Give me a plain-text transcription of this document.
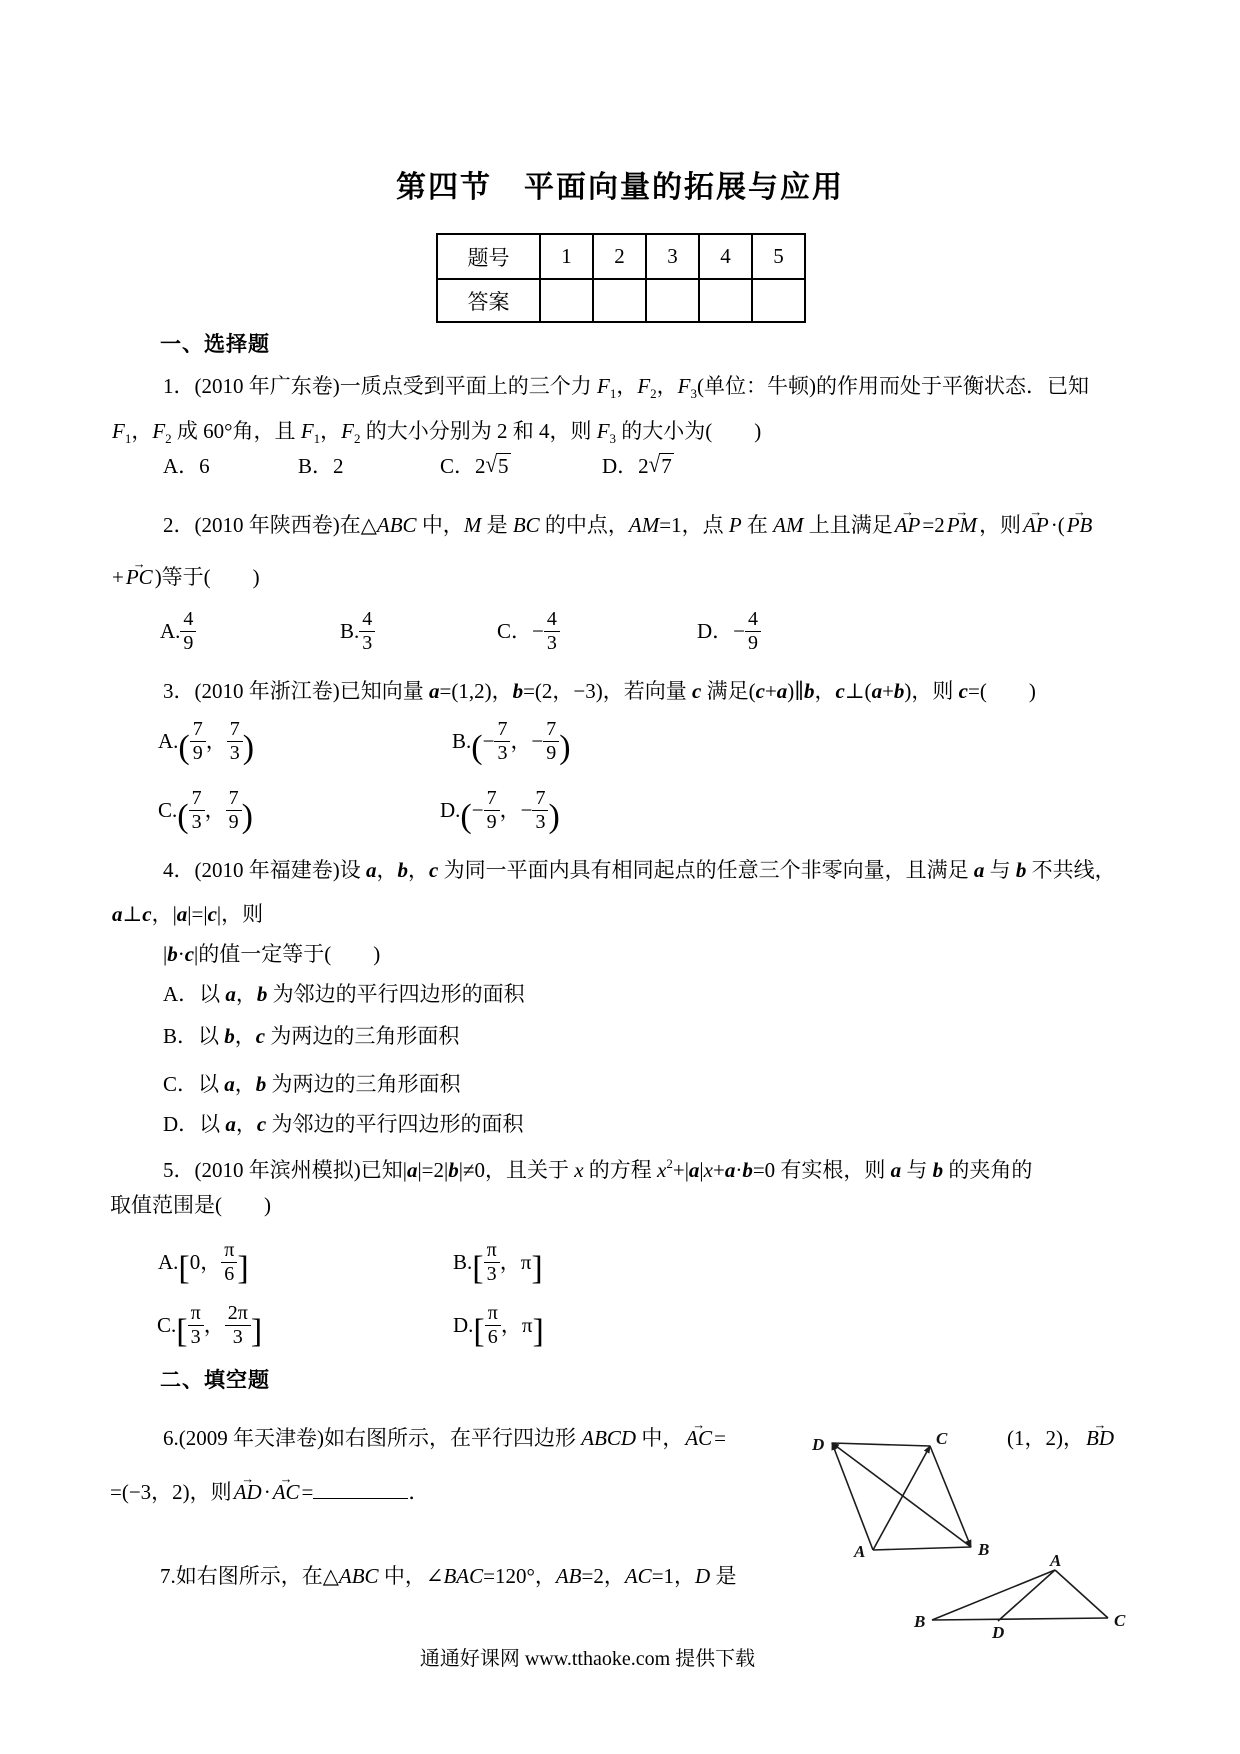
第四节　平面向量的拓展与应用
题号	1	2	3	4	5
答案					
一、选择题
1．(2010 年广东卷)一质点受到平面上的三个力 $F_1$，$F_2$，$F_3$(单位：牛顿)的作用而处于平衡状态．已知
$F_1$，$F_2$ 成 60°角，且 $F_1$，$F_2$ 的大小分别为 2 和 4，则 $F_3$ 的大小为(　　)
A．6	B．2	C．2√5	D．2√7
2．(2010 年陕西卷)在△ABC 中，M 是 BC 的中点，AM=1，点 P 在 AM 上且满足→ AP=2→ PM，则→ AP·(→ PB
+→ PC)等于(　　)
A. $\frac{4}{9}$	B. $\frac{4}{3}$	C．− $\frac{4}{3}$	D．− $\frac{4}{9}$
3．(2010 年浙江卷)已知向量 a=(1,2)，b=(2，−3)，若向量 c 满足(c+a)∥b，c⊥(a+b)，则 c=(　　)
$A.( \frac{7}{9}$ ， $\frac{7}{3}$ )	$B.(- \frac{7}{3}$ ，− $\frac{7}{9}$ )
$C.( \frac{7}{3}$ ， $\frac{7}{9}$ )	$D.(- \frac{7}{9}$ ，− $\frac{7}{3}$ )
4．(2010 年福建卷)设 a，b，c 为同一平面内具有相同起点的任意三个非零向量，且满足 a 与 b 不共线，
a⊥c，|a|=|c|，则
|b·c|的值一定等于(　　)
A．以 a，b 为邻边的平行四边形的面积
B．以 b，c 为两边的三角形面积
C．以 a，b 为两边的三角形面积
D．以 a，c 为邻边的平行四边形的面积
5．(2010 年滨州模拟)已知|a|=2|b|≠0，且关于 x 的方程 $x^2+|a|x+a\cdot b=0$ 有实根，则 a 与 b 的夹角的
取值范围是(　　)
A.[0， $\frac{\pi}{6}$ ]	$B.[ \frac{\pi}{3}$ ，π]
$C.[ \frac{\pi}{3}$ ， $\frac{2\pi}{3}$ ]	$D.[ \frac{\pi}{6}$ ，π]
二、填空题
6.(2009 年天津卷)如右图所示，在平行四边形 ABCD 中，→ AC=	(1，2)，→ BD
=(−3，2)，则→ AD·→ AC=	．
D	C
A	B
7.如右图所示，在△ABC 中，∠BAC=120°，AB=2，AC=1，D 是
A
B
D
C
通通好课网 www.tthaoke.com 提供下载
